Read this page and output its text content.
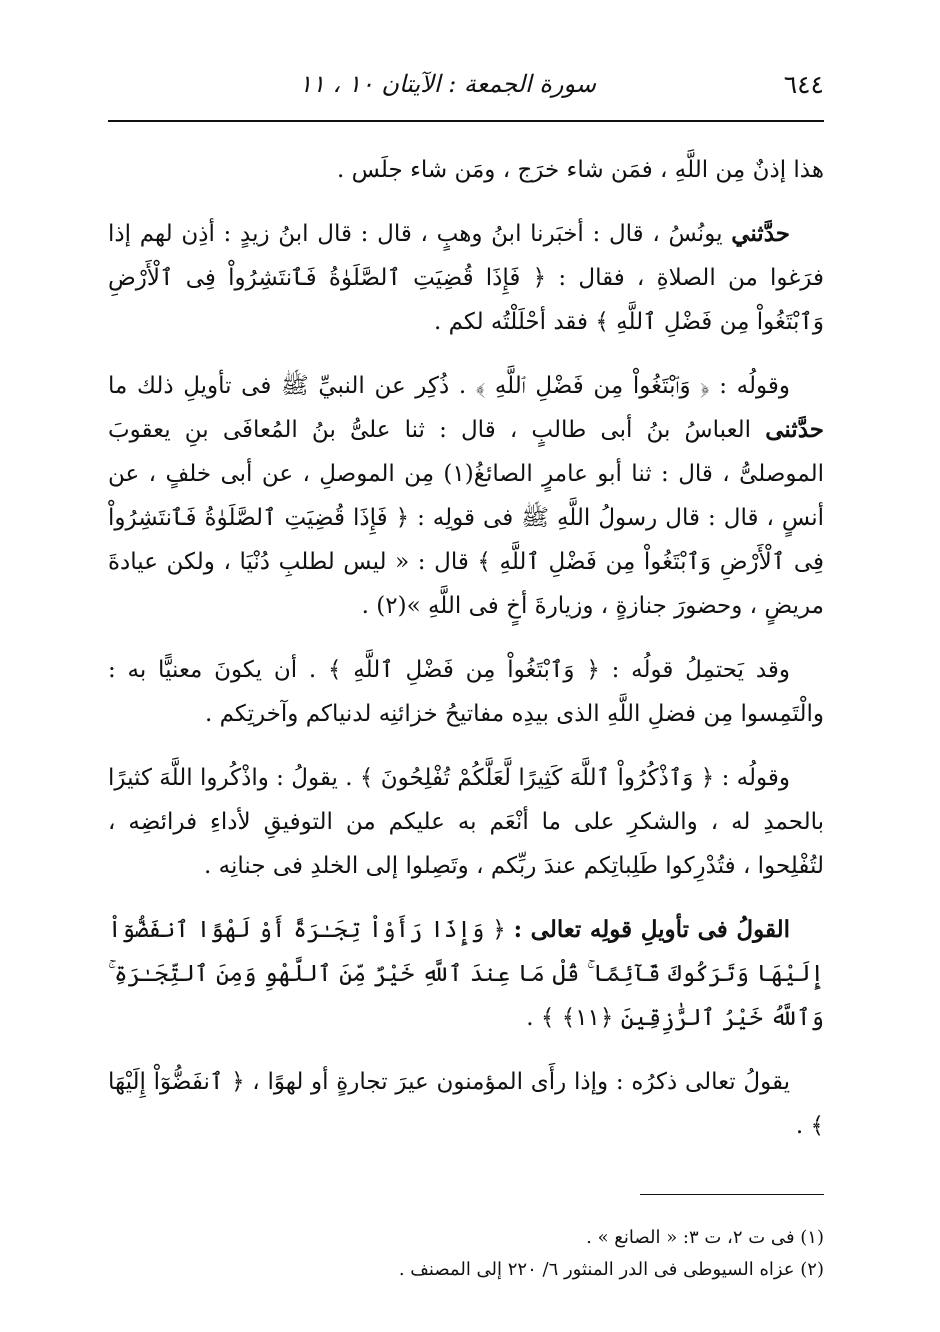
٦٤٤
سورة الجمعة : الآيتان ١٠ ، ١١

هذا إذنٌ مِن اللَّهِ ، فمَن شاء خرَج ، ومَن شاء جلَس .

حدَّثني يونُسُ ، قال : أخبَرنا ابنُ وهبٍ ، قال : قال ابنُ زيدٍ : أذِن لهم إذا فرَغوا من الصلاةِ ، فقال : ﴿ فَإِذَا قُضِيَتِ ٱلصَّلَوٰةُ فَٱنتَشِرُواْ فِى ٱلْأَرْضِ وَٱبْتَغُواْ مِن فَضْلِ ٱللَّهِ ﴾ فقد أحْلَلْتُه لكم .

وقولُه : ﴿ وَٱبْتَغُواْ مِن فَضْلِ ٱللَّهِ ﴾ . ذُكِر عن النبيِّ ﷺ فى تأويلِ ذلك ما حدَّثنى العباسُ بنُ أبى طالبٍ ، قال : ثنا علىُّ بنُ المُعافَى بنِ يعقوبَ الموصلىُّ ، قال : ثنا أبو عامرٍ الصائغُ(١) مِن الموصلِ ، عن أبى خلفٍ ، عن أنسٍ ، قال : قال رسولُ اللَّهِ ﷺ فى قولِه : ﴿ فَإِذَا قُضِيَتِ ٱلصَّلَوٰةُ فَٱنتَشِرُواْ فِى ٱلْأَرْضِ وَٱبْتَغُواْ مِن فَضْلِ ٱللَّهِ ﴾ قال : « ليس لطلبِ دُنْيَا ، ولكن عيادةَ مريضٍ ، وحضورَ جنازةٍ ، وزيارةَ أخٍ فى اللَّهِ »(٢) .

وقد يَحتمِلُ قولُه : ﴿ وَٱبْتَغُواْ مِن فَضْلِ ٱللَّهِ ﴾ . أن يكونَ معنيًّا به : والْتَمِسوا مِن فضلِ اللَّهِ الذى بيدِه مفاتيحُ خزائنِه لدنياكم وآخرتِكم .

وقولُه : ﴿ وَٱذْكُرُواْ ٱللَّهَ كَثِيرًا لَّعَلَّكُمْ تُفْلِحُونَ ﴾ . يقولُ : واذْكُروا اللَّهَ كثيرًا بالحمدِ له ، والشكرِ على ما أنْعَم به عليكم من التوفيقِ لأداءِ فرائضِه ، لتُفْلِحوا ، فتُدْرِكوا طَلِباتِكم عندَ ربِّكم ، وتَصِلوا إلى الخلدِ فى جنانِه .

القولُ فى تأويلِ قولِه تعالى : ﴿ وَإِذَا رَأَوْاْ تِجَـٰرَةً أَوْ لَهْوًا ٱنفَضُّوٓاْ إِلَيْهَا وَتَرَكُوكَ قَآئِمًا ۚ قُلْ مَا عِندَ ٱللَّهِ خَيْرٌ مِّنَ ٱللَّهْوِ وَمِنَ ٱلتِّجَـٰرَةِ ۚ وَٱللَّهُ خَيْرُ ٱلرَّٰزِقِينَ ﴿١١﴾ ﴾ .

يقولُ تعالى ذكرُه : وإذا رأَى المؤمنون عيرَ تجارةٍ أو لهوًا ، ﴿ ٱنفَضُّوٓاْ إِلَيْهَا ﴾ .

(١) فى ت ٢، ت ٣: « الصانع » .

(٢) عزاه السيوطى فى الدر المنثور ٦/ ٢٢٠ إلى المصنف .
